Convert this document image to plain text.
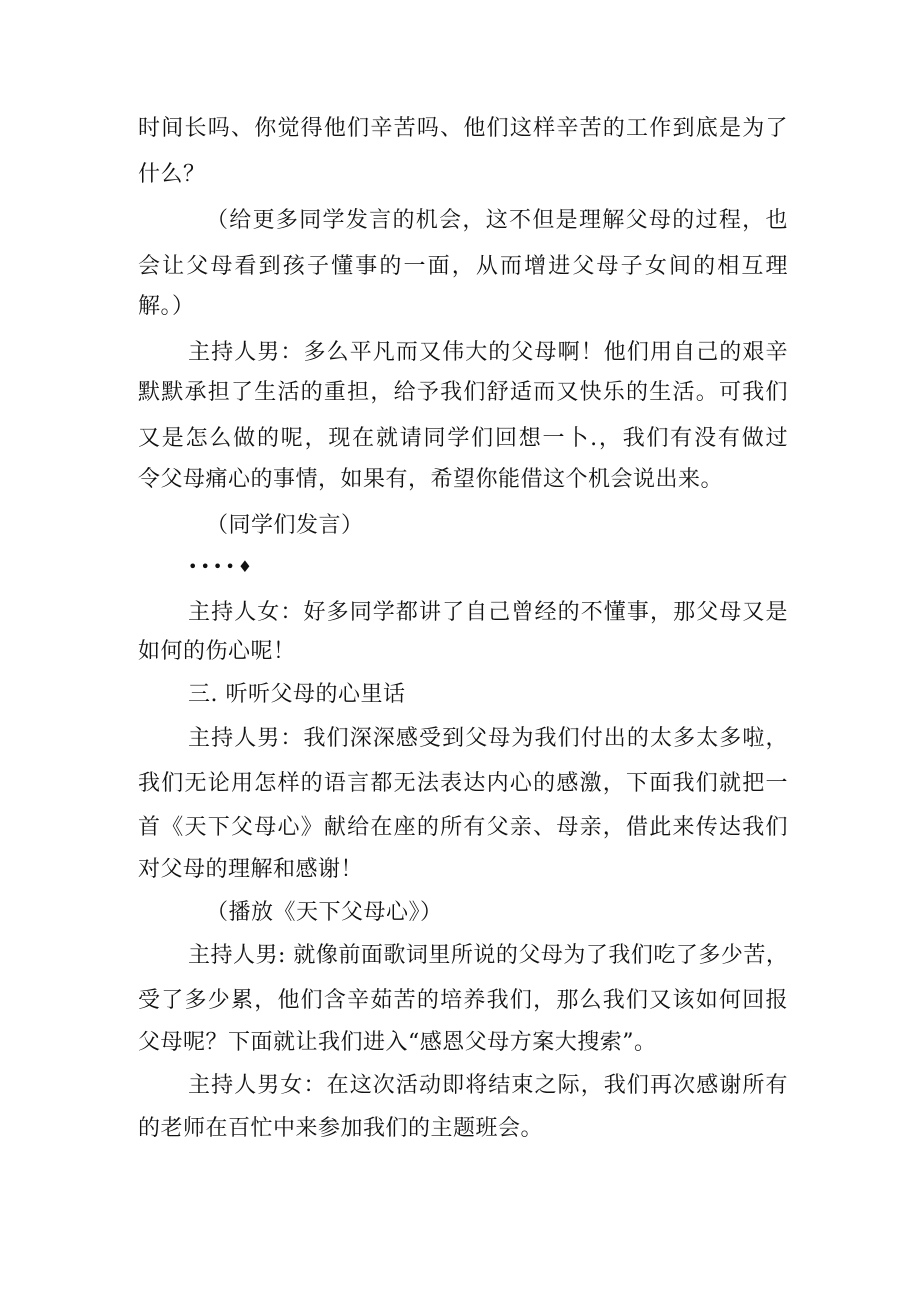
时间长吗、你觉得他们辛苦吗、他们这样辛苦的工作到底是为了
什么？
（给更多同学发言的机会，这不但是理解父母的过程，也
会让父母看到孩子懂事的一面，从而增进父母子女间的相互理
解。）
主持人男：多么平凡而又伟大的父母啊！他们用自己的艰辛
默默承担了生活的重担，给予我们舒适而又快乐的生活。可我们
又是怎么做的呢，现在就请同学们回想一卜.，我们有没有做过
令父母痛心的事情，如果有，希望你能借这个机会说出来。
（同学们发言）
••••♦
主持人女：好多同学都讲了自己曾经的不懂事，那父母又是
如何的伤心呢！
三. 听听父母的心里话
主持人男：我们深深感受到父母为我们付出的太多太多啦，
我们无论用怎样的语言都无法表达内心的感激，下面我们就把一
首《天下父母心》献给在座的所有父亲、母亲，借此来传达我们
对父母的理解和感谢！
（播放《天下父母心》）
主持人男: 就像前面歌词里所说的父母为了我们吃了多少苦，
受了多少累，他们含辛茹苦的培养我们，那么我们又该如何回报
父母呢？下面就让我们进入“感恩父母方案大搜索”。
主持人男女：在这次活动即将结束之际，我们再次感谢所有
的老师在百忙中来参加我们的主题班会。
